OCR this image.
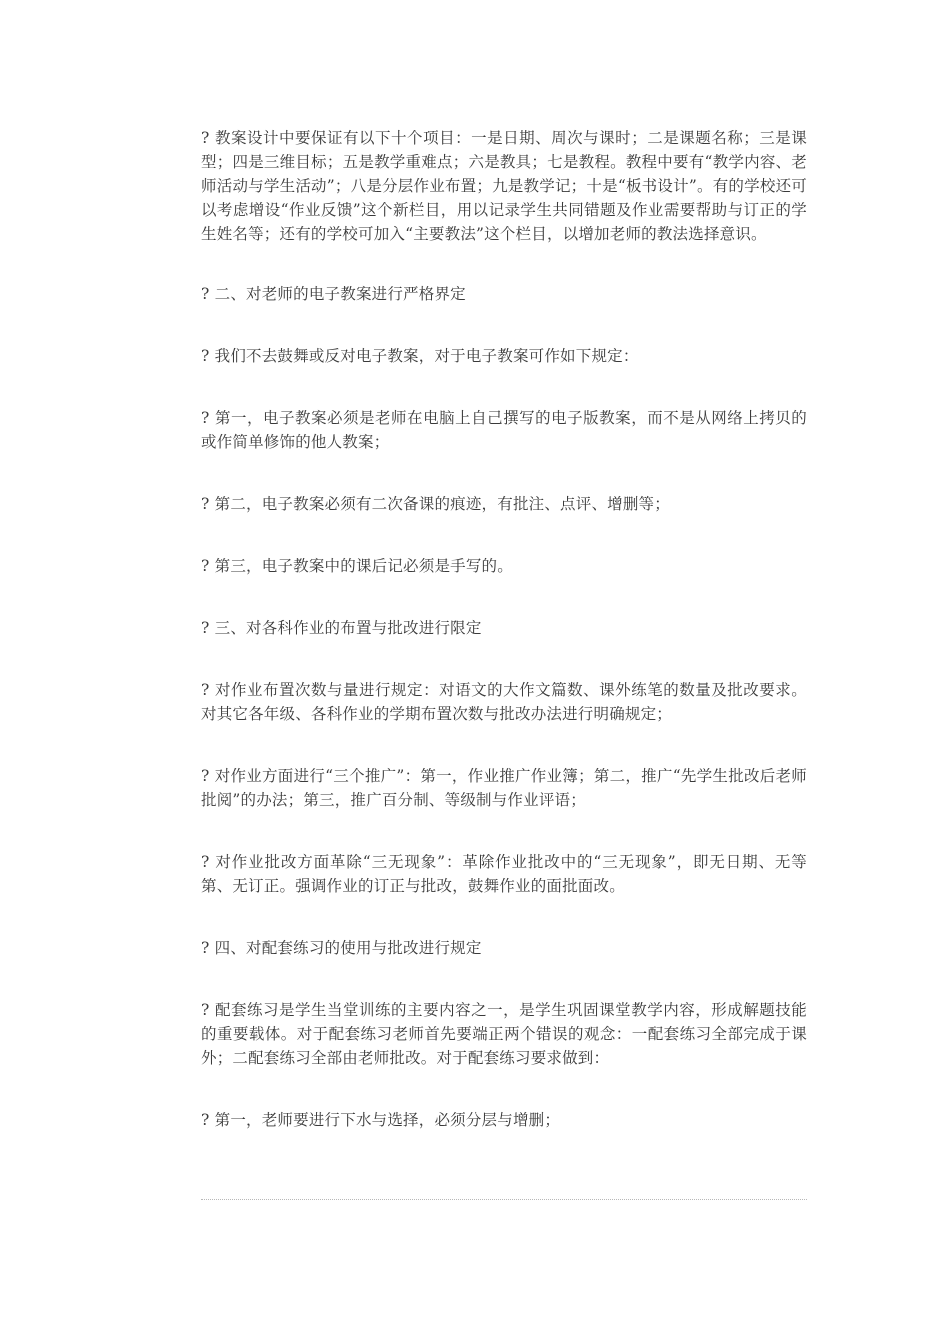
? 教案设计中要保证有以下十个项目：一是日期、周次与课时；二是课题名称；三是课型；四是三维目标；五是教学重难点；六是教具；七是教程。教程中要有“教学内容、老师活动与学生活动”；八是分层作业布置；九是教学记；十是“板书设计”。有的学校还可以考虑增设“作业反馈”这个新栏目，用以记录学生共同错题及作业需要帮助与订正的学生姓名等；还有的学校可加入“主要教法”这个栏目，以增加老师的教法选择意识。

? 二、对老师的电子教案进行严格界定

? 我们不去鼓舞或反对电子教案，对于电子教案可作如下规定：

? 第一，电子教案必须是老师在电脑上自己撰写的电子版教案，而不是从网络上拷贝的或作简单修饰的他人教案；

? 第二，电子教案必须有二次备课的痕迹，有批注、点评、增删等；

? 第三，电子教案中的课后记必须是手写的。

? 三、对各科作业的布置与批改进行限定

? 对作业布置次数与量进行规定：对语文的大作文篇数、课外练笔的数量及批改要求。对其它各年级、各科作业的学期布置次数与批改办法进行明确规定；

? 对作业方面进行“三个推广”：第一，作业推广作业簿；第二，推广“先学生批改后老师批阅”的办法；第三，推广百分制、等级制与作业评语；

? 对作业批改方面革除“三无现象”：革除作业批改中的“三无现象”，即无日期、无等第、无订正。强调作业的订正与批改，鼓舞作业的面批面改。

? 四、对配套练习的使用与批改进行规定

? 配套练习是学生当堂训练的主要内容之一，是学生巩固课堂教学内容，形成解题技能的重要载体。对于配套练习老师首先要端正两个错误的观念：一配套练习全部完成于课外；二配套练习全部由老师批改。对于配套练习要求做到：

? 第一，老师要进行下水与选择，必须分层与增删；
